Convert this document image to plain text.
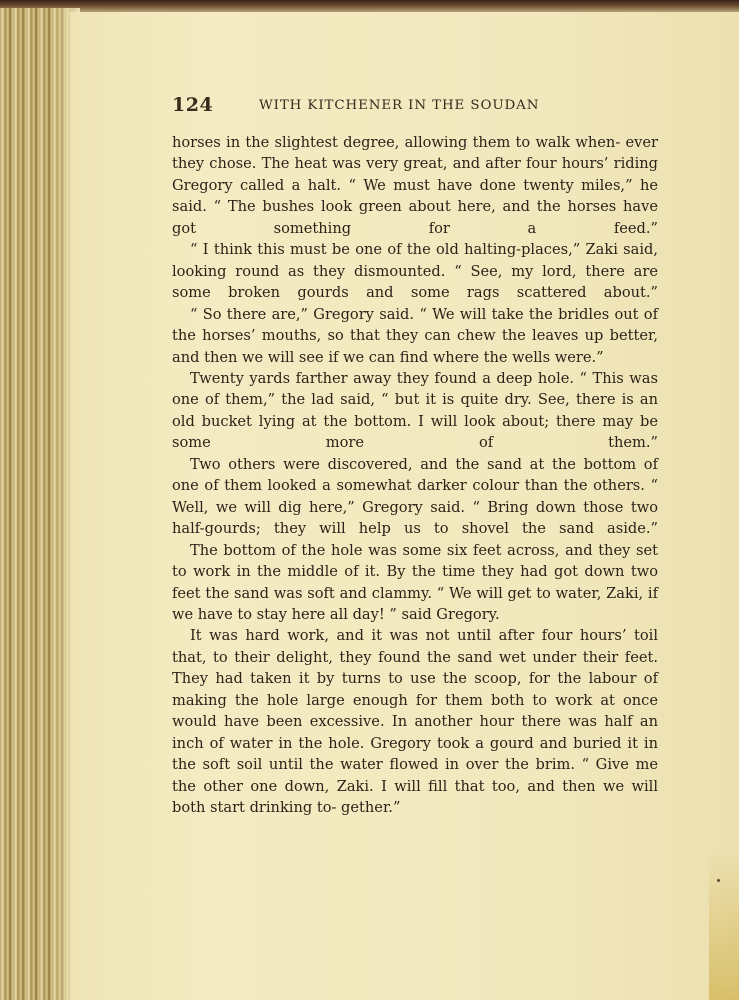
124	WITH KITCHENER IN THE SOUDAN

horses in the slightest degree, allowing them to walk when- ever they chose. The heat was very great, and after four hours’ riding Gregory called a halt. “ We must have done twenty miles,” he said. “ The bushes look green about here, and the horses have got something for a feed.”

“ I think this must be one of the old halting-places,” Zaki said, looking round as they dismounted. “ See, my lord, there are some broken gourds and some rags scattered about.”

“ So there are,” Gregory said. “ We will take the bridles out of the horses’ mouths, so that they can chew the leaves up better, and then we will see if we can find where the wells were.”

Twenty yards farther away they found a deep hole. “ This was one of them,” the lad said, “ but it is quite dry. See, there is an old bucket lying at the bottom. I will look about; there may be some more of them.”

Two others were discovered, and the sand at the bottom of one of them looked a somewhat darker colour than the others. “ Well, we will dig here,” Gregory said. “ Bring down those two half-gourds; they will help us to shovel the sand aside.”

The bottom of the hole was some six feet across, and they set to work in the middle of it. By the time they had got down two feet the sand was soft and clammy. “ We will get to water, Zaki, if we have to stay here all day! ” said Gregory.

It was hard work, and it was not until after four hours’ toil that, to their delight, they found the sand wet under their feet. They had taken it by turns to use the scoop, for the labour of making the hole large enough for them both to work at once would have been excessive. In another hour there was half an inch of water in the hole. Gregory took a gourd and buried it in the soft soil until the water flowed in over the brim. “ Give me the other one down, Zaki. I will fill that too, and then we will both start drinking to- gether.”
